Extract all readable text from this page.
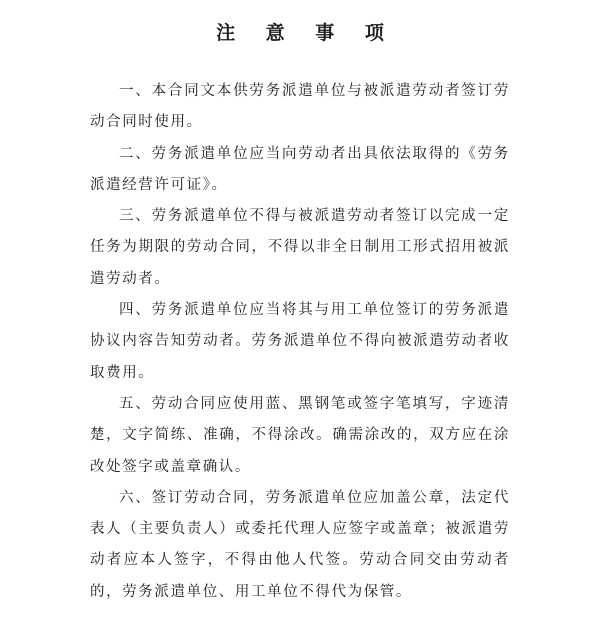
注 意 事 项

一、本合同文本供劳务派遣单位与被派遣劳动者签订劳动合同时使用。

二、劳务派遣单位应当向劳动者出具依法取得的《劳务派遣经营许可证》。

三、劳务派遣单位不得与被派遣劳动者签订以完成一定任务为期限的劳动合同，不得以非全日制用工形式招用被派遣劳动者。

四、劳务派遣单位应当将其与用工单位签订的劳务派遣协议内容告知劳动者。劳务派遣单位不得向被派遣劳动者收取费用。

五、劳动合同应使用蓝、黑钢笔或签字笔填写，字迹清楚，文字简练、准确，不得涂改。确需涂改的，双方应在涂改处签字或盖章确认。

六、签订劳动合同，劳务派遣单位应加盖公章，法定代表人（主要负责人）或委托代理人应签字或盖章；被派遣劳动者应本人签字，不得由他人代签。劳动合同交由劳动者的，劳务派遣单位、用工单位不得代为保管。
